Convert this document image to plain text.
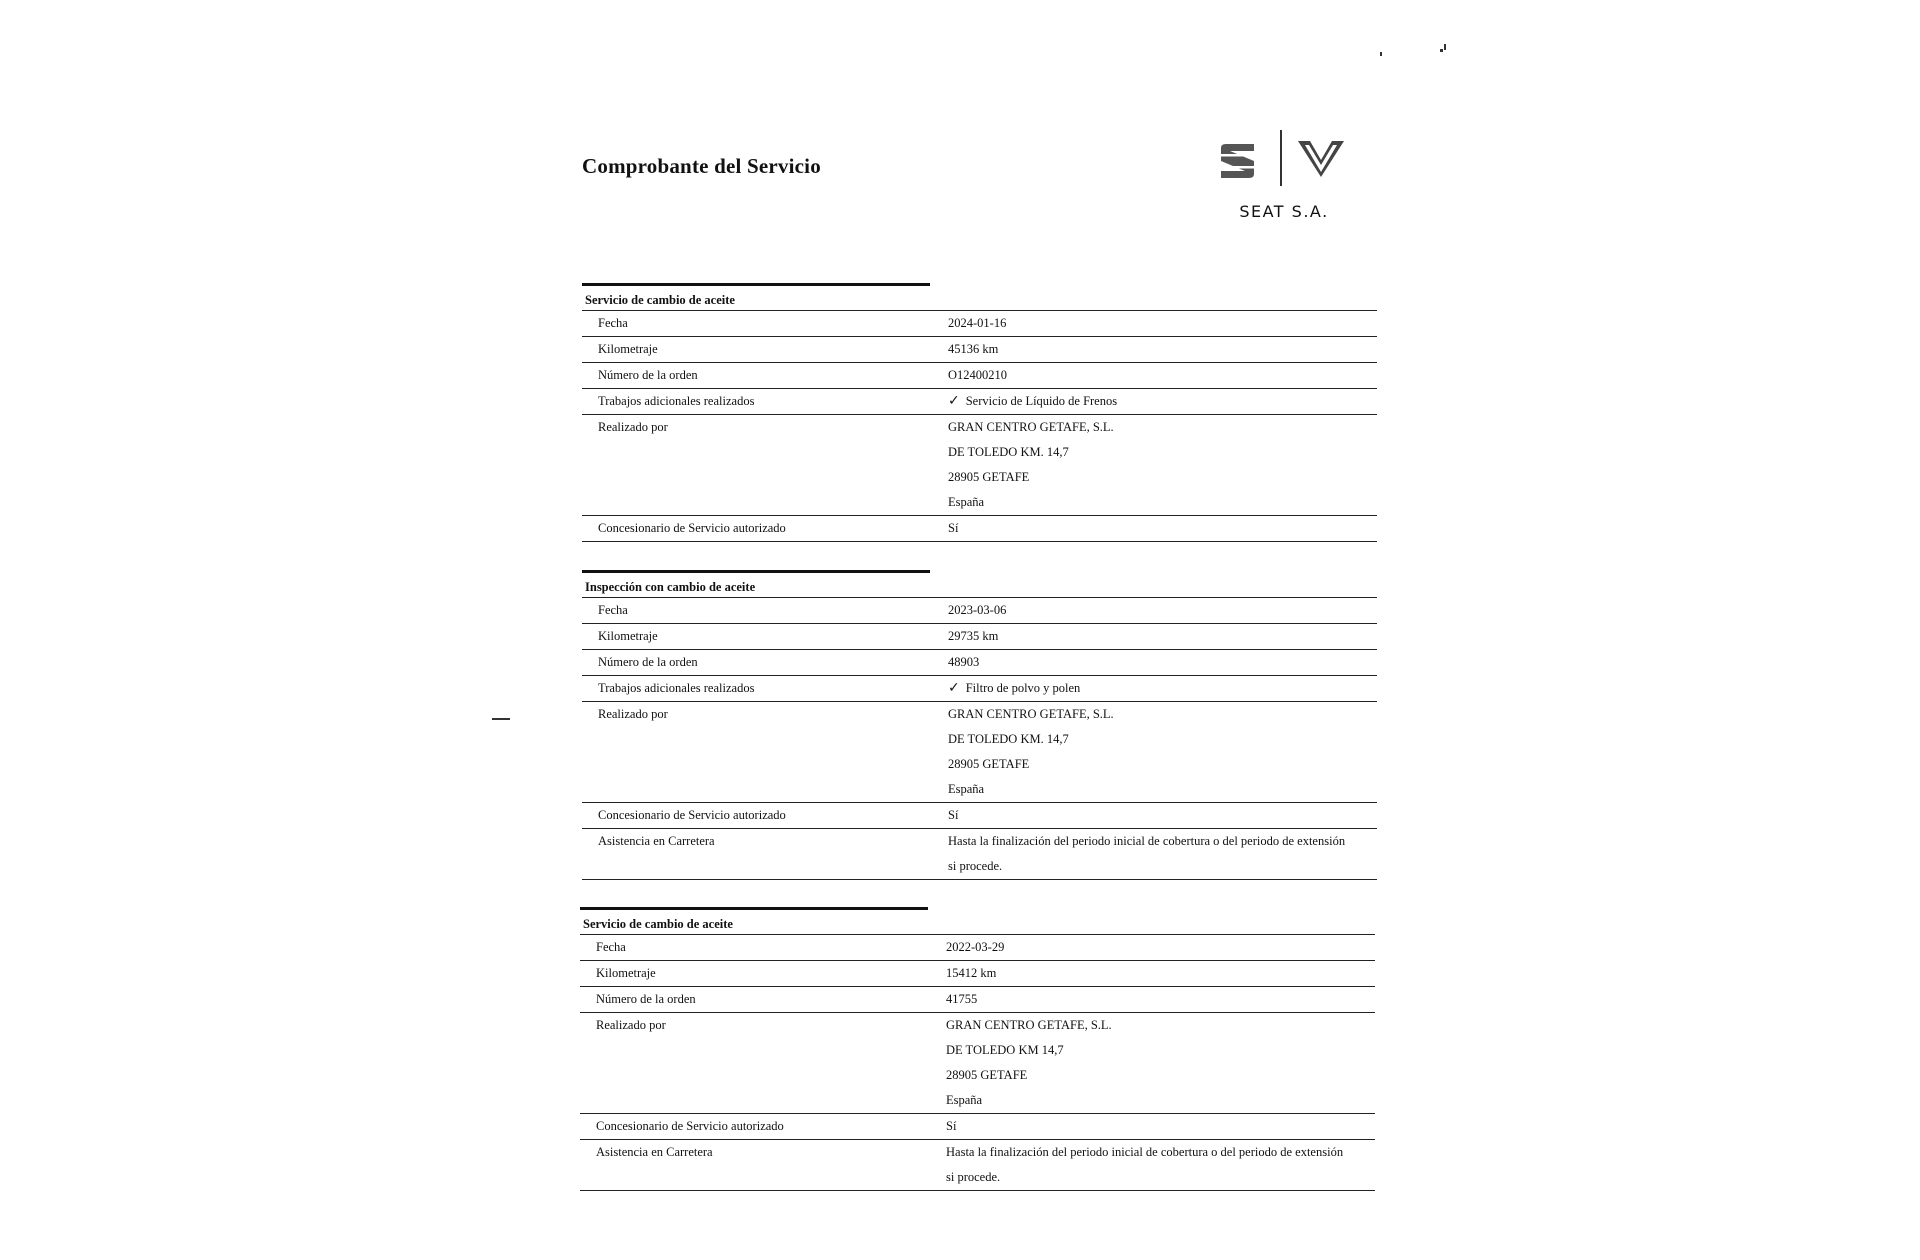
Comprobante del Servicio
SEAT S.A.
Servicio de cambio de aceite
Fecha	2024-01-16
Kilometraje	45136 km
Número de la orden	O12400210
Trabajos adicionales realizados	✓ Servicio de Líquido de Frenos
Realizado por	GRAN CENTRO GETAFE, S.L.
DE TOLEDO KM. 14,7
28905 GETAFE
España
Concesionario de Servicio autorizado	Sí
Inspección con cambio de aceite
Fecha	2023-03-06
Kilometraje	29735 km
Número de la orden	48903
Trabajos adicionales realizados	✓ Filtro de polvo y polen
Realizado por	GRAN CENTRO GETAFE, S.L.
DE TOLEDO KM. 14,7
28905 GETAFE
España
Concesionario de Servicio autorizado	Sí
Asistencia en Carretera	Hasta la finalización del periodo inicial de cobertura o del periodo de extensión
si procede.
Servicio de cambio de aceite
Fecha	2022-03-29
Kilometraje	15412 km
Número de la orden	41755
Realizado por	GRAN CENTRO GETAFE, S.L.
DE TOLEDO KM 14,7
28905 GETAFE
España
Concesionario de Servicio autorizado	Sí
Asistencia en Carretera	Hasta la finalización del periodo inicial de cobertura o del periodo de extensión
si procede.
